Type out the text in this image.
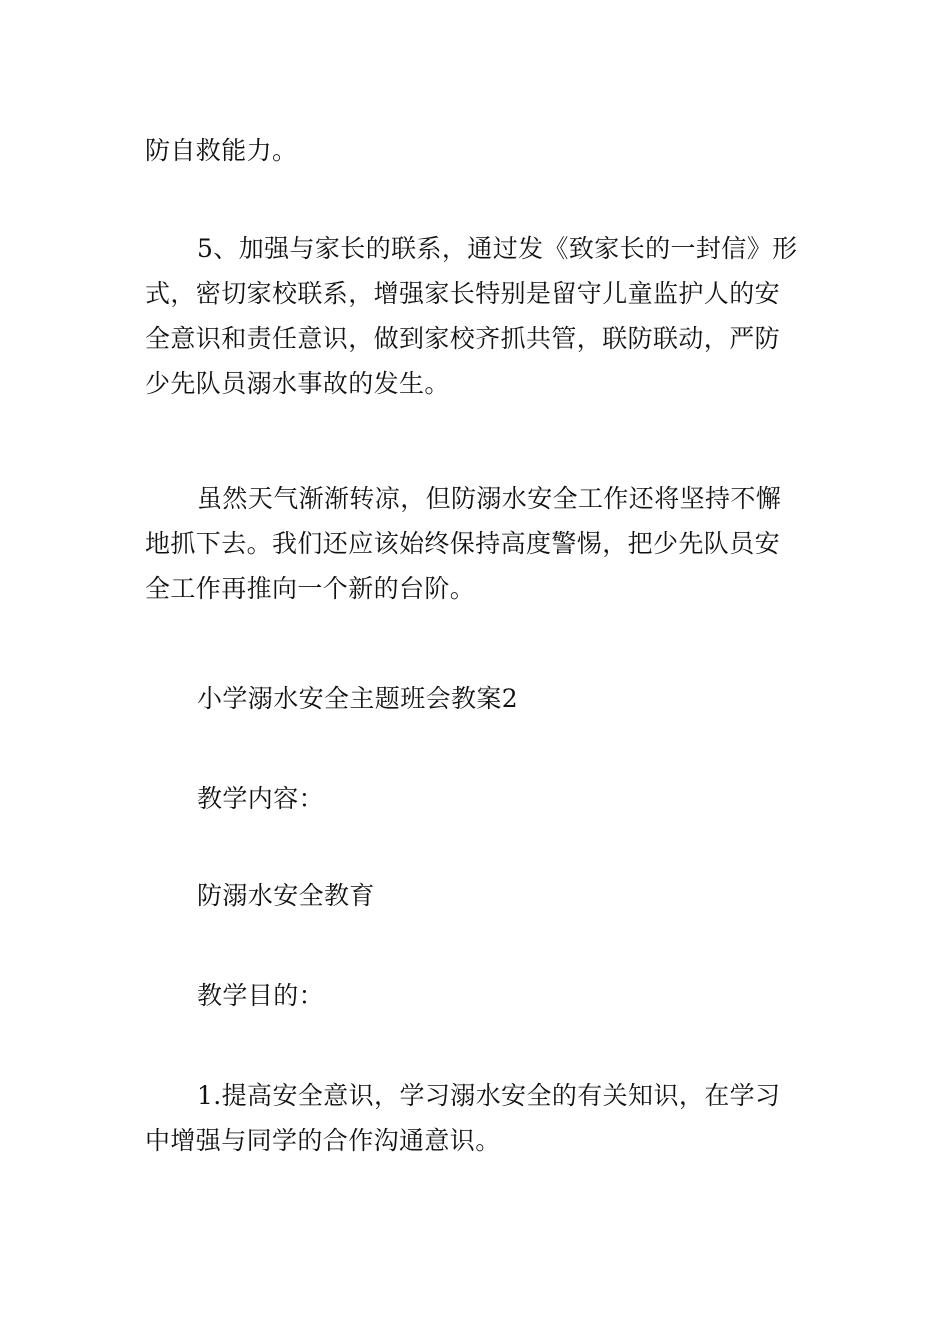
防自救能力。

5、加强与家长的联系，通过发《致家长的一封信》形
式，密切家校联系，增强家长特别是留守儿童监护人的安
全意识和责任意识，做到家校齐抓共管，联防联动，严防
少先队员溺水事故的发生。

虽然天气渐渐转凉，但防溺水安全工作还将坚持不懈
地抓下去。我们还应该始终保持高度警惕，把少先队员安
全工作再推向一个新的台阶。

小学溺水安全主题班会教案2

教学内容：

防溺水安全教育

教学目的：

1.提高安全意识，学习溺水安全的有关知识，在学习
中增强与同学的合作沟通意识。
